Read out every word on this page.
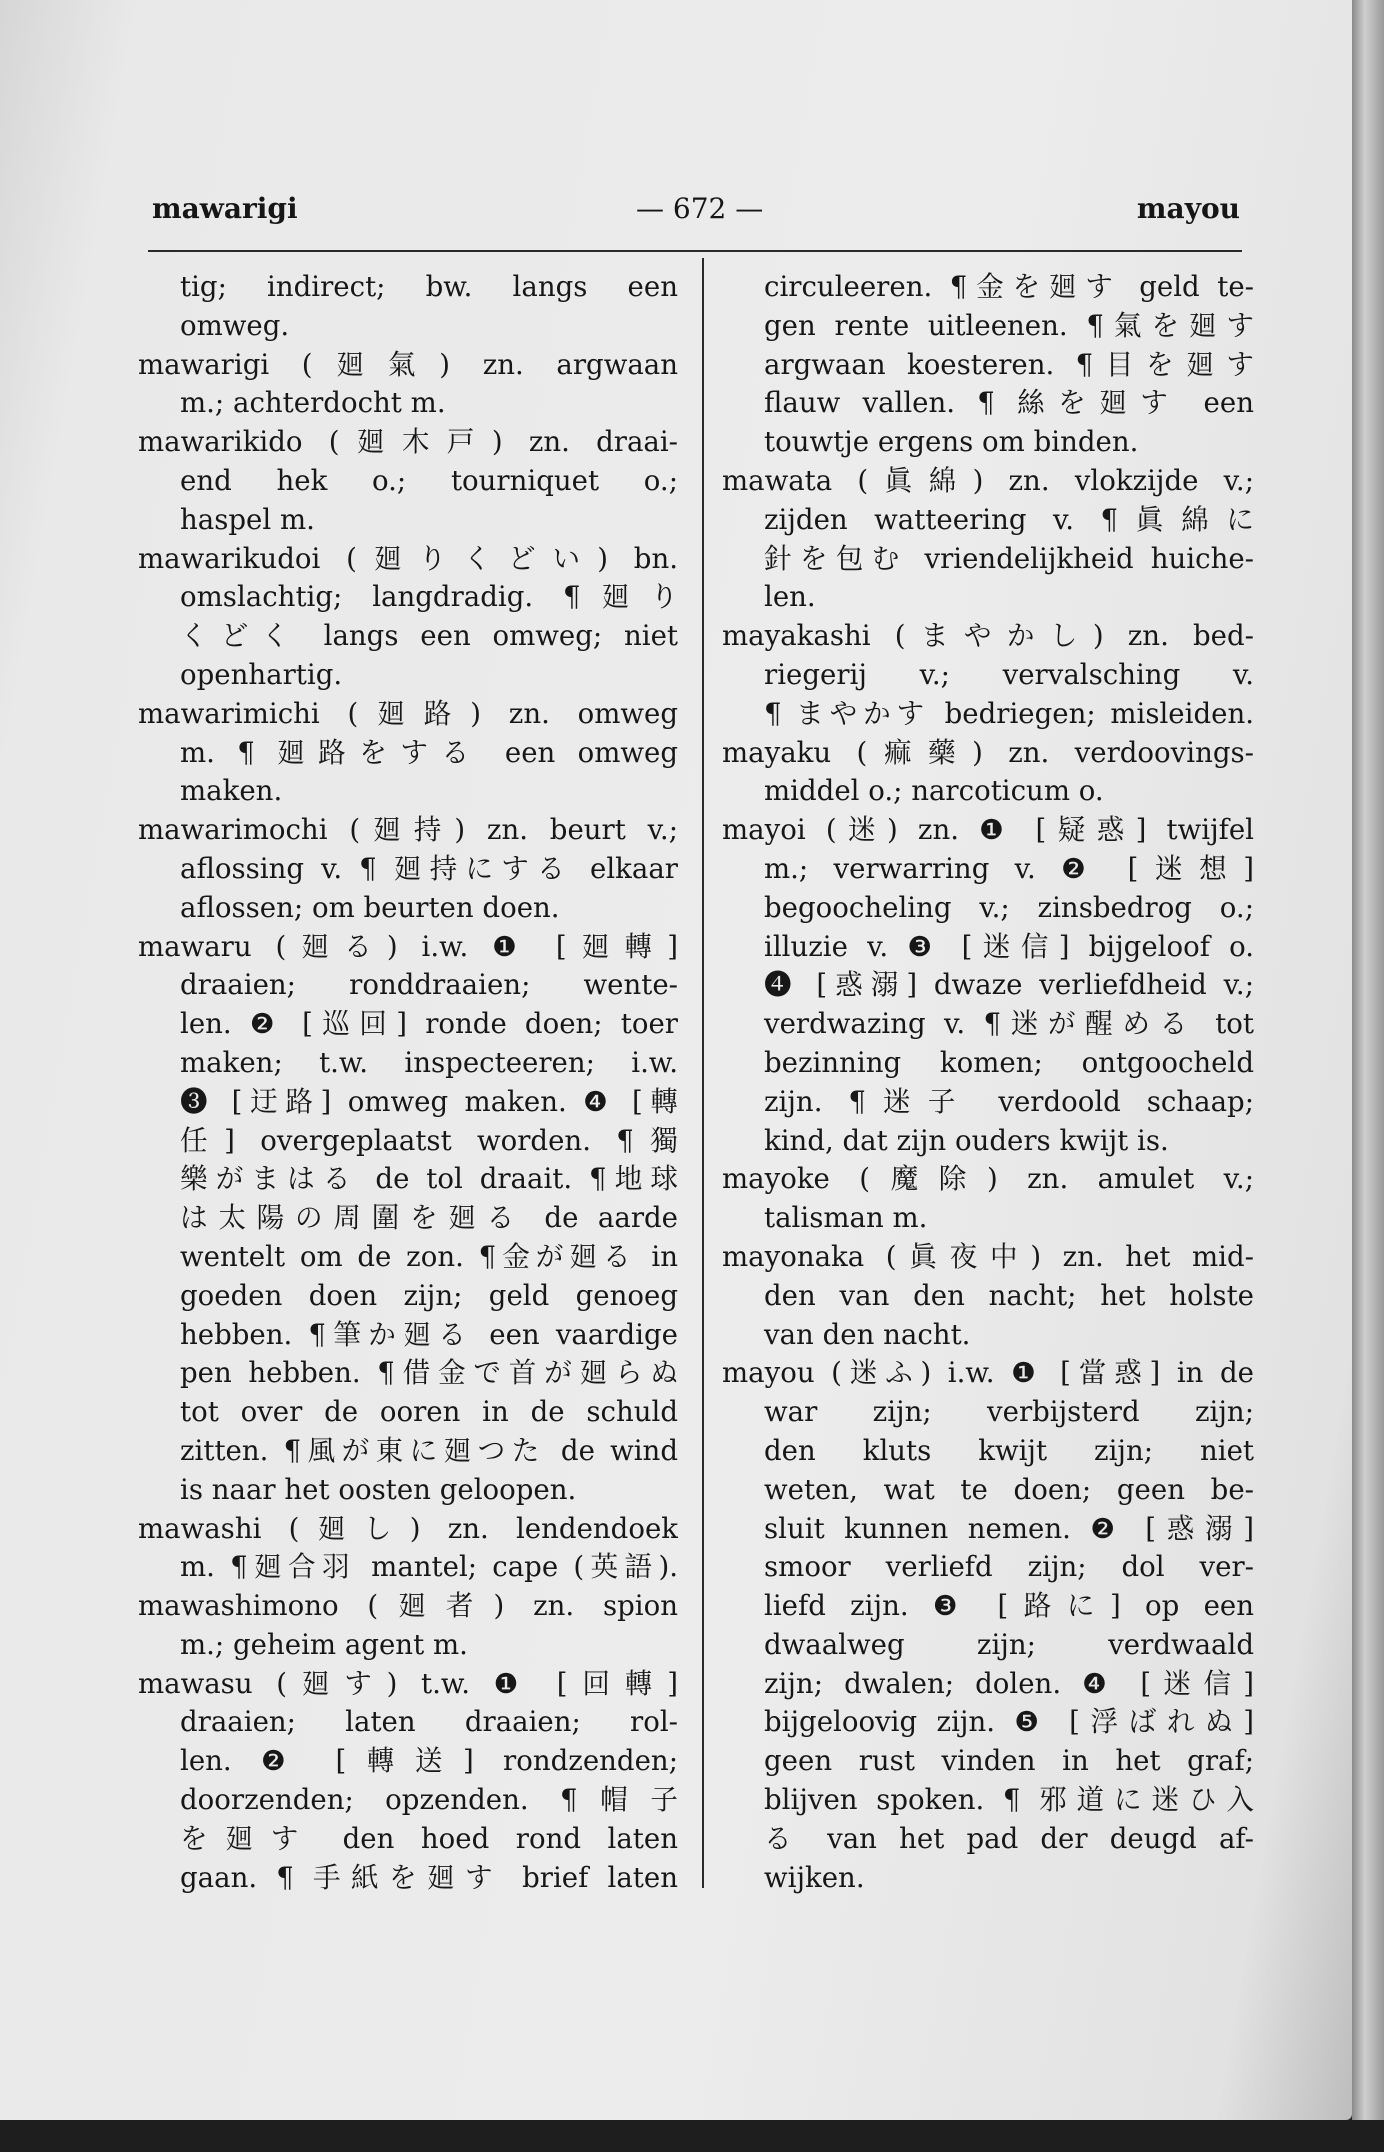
mawarigi	— 672 —	mayou
tig; indirect; bw. langs een
omweg.
mawarigi (廻氣) zn. argwaan
m.; achterdocht m.
mawarikido (廻木戸) zn. draai-
end hek o.; tourniquet o.;
haspel m.
mawarikudoi (廻りくどい) bn.
omslachtig; langdradig. ¶廻り
くどく langs een omweg; niet
openhartig.
mawarimichi (廻路) zn. omweg
m. ¶ 廻路をする een omweg
maken.
mawarimochi (廻持) zn. beurt v.;
aflossing v. ¶ 廻持にする elkaar
aflossen; om beurten doen.
mawaru (廻る) i.w. ❶ [廻轉]
draaien; ronddraaien; wente-
len. ❷ [巡回] ronde doen; toer
maken; t.w. inspecteeren; i.w.
❸ [迂路] omweg maken. ❹ [轉
任] overgeplaatst worden. ¶獨
樂がまはる de tol draait. ¶地球
は太陽の周圍を廻る de aarde
wentelt om de zon. ¶金が廻る in
goeden doen zijn; geld genoeg
hebben. ¶筆か廻る een vaardige
pen hebben. ¶借金で首が廻らぬ
tot over de ooren in de schuld
zitten. ¶風が東に廻つた de wind
is naar het oosten geloopen.
mawashi (廻し) zn. lendendoek
m. ¶廻合羽 mantel; cape (英語).
mawashimono (廻者) zn. spion
m.; geheim agent m.
mawasu (廻す) t.w. ❶ [回轉]
draaien; laten draaien; rol-
len. ❷ [轉送] rondzenden;
doorzenden; opzenden. ¶帽子
を廻す den hoed rond laten
gaan. ¶ 手紙を廻す brief laten
circuleeren. ¶金を廻す geld te-
gen rente uitleenen. ¶氣を廻す
argwaan koesteren. ¶目を廻す
flauw vallen. ¶ 絲を廻す een
touwtje ergens om binden.
mawata (眞綿) zn. vlokzijde v.;
zijden watteering v. ¶眞綿に
針を包む vriendelijkheid huiche-
len.
mayakashi (まやかし) zn. bed-
riegerij v.; vervalsching v.
¶ まやかす bedriegen; misleiden.
mayaku (痲藥) zn. verdoovings-
middel o.; narcoticum o.
mayoi (迷) zn. ❶ [疑惑] twijfel
m.; verwarring v. ❷ [迷想]
begoocheling v.; zinsbedrog o.;
illuzie v. ❸ [迷信] bijgeloof o.
❹ [惑溺] dwaze verliefdheid v.;
verdwazing v. ¶迷が醒める tot
bezinning komen; ontgoocheld
zijn. ¶迷子 verdoold schaap;
kind, dat zijn ouders kwijt is.
mayoke (魔除) zn. amulet v.;
talisman m.
mayonaka (眞夜中) zn. het mid-
den van den nacht; het holste
van den nacht.
mayou (迷ふ) i.w. ❶ [當惑] in de
war zijn; verbijsterd zijn;
den kluts kwijt zijn; niet
weten, wat te doen; geen be-
sluit kunnen nemen. ❷ [惑溺]
smoor verliefd zijn; dol ver-
liefd zijn. ❸ [路に] op een
dwaalweg zijn; verdwaald
zijn; dwalen; dolen. ❹ [迷信]
bijgeloovig zijn. ❺ [浮ばれぬ]
geen rust vinden in het graf;
blijven spoken. ¶ 邪道に迷ひ入
る van het pad der deugd af-
wijken.
